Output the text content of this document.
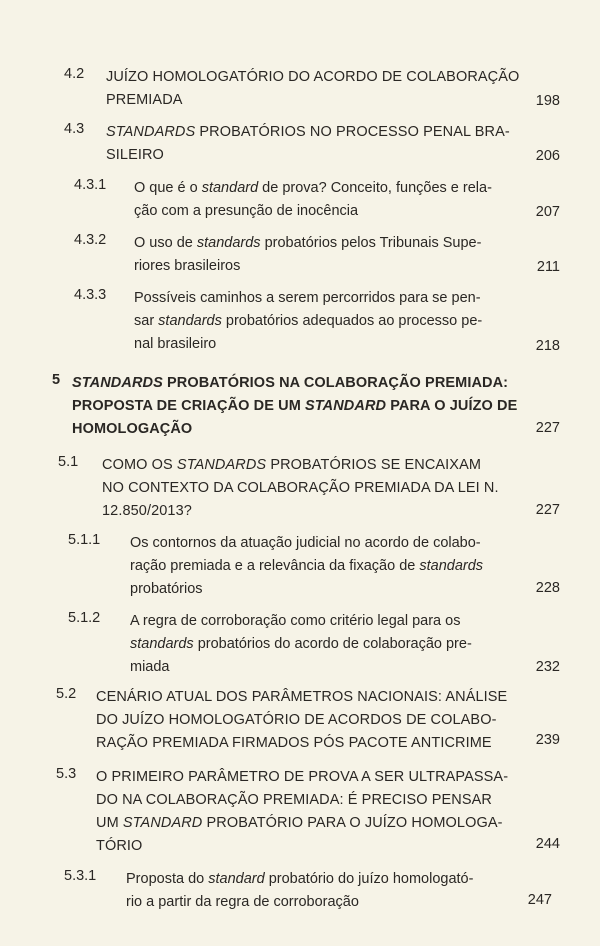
4.2 JUÍZO HOMOLOGATÓRIO DO ACORDO DE COLABORAÇÃO
PREMIADA	198
4.3 STANDARDS PROBATÓRIOS NO PROCESSO PENAL BRA-
SILEIRO	206
4.3.1 O que é o standard de prova? Conceito, funções e rela-
ção com a presunção de inocência	207
4.3.2 O uso de standards probatórios pelos Tribunais Supe-
riores brasileiros	211
4.3.3 Possíveis caminhos a serem percorridos para se pen-
sar standards probatórios adequados ao processo pe-
nal brasileiro	218
5 STANDARDS PROBATÓRIOS NA COLABORAÇÃO PREMIADA:
PROPOSTA DE CRIAÇÃO DE UM STANDARD PARA O JUÍZO DE
HOMOLOGAÇÃO	227
5.1 COMO OS STANDARDS PROBATÓRIOS SE ENCAIXAM
NO CONTEXTO DA COLABORAÇÃO PREMIADA DA LEI N.
12.850/2013?	227
5.1.1 Os contornos da atuação judicial no acordo de colabo-
ração premiada e a relevância da fixação de standards
probatórios	228
5.1.2 A regra de corroboração como critério legal para os
standards probatórios do acordo de colaboração pre-
miada	232
5.2 CENÁRIO ATUAL DOS PARÂMETROS NACIONAIS: ANÁLISE
DO JUÍZO HOMOLOGATÓRIO DE ACORDOS DE COLABO-
RAÇÃO PREMIADA FIRMADOS PÓS PACOTE ANTICRIME	239
5.3 O PRIMEIRO PARÂMETRO DE PROVA A SER ULTRAPASSA-
DO NA COLABORAÇÃO PREMIADA: É PRECISO PENSAR
UM STANDARD PROBATÓRIO PARA O JUÍZO HOMOLOGA-
TÓRIO	244
5.3.1 Proposta do standard probatório do juízo homologató-
rio a partir da regra de corroboração	247
